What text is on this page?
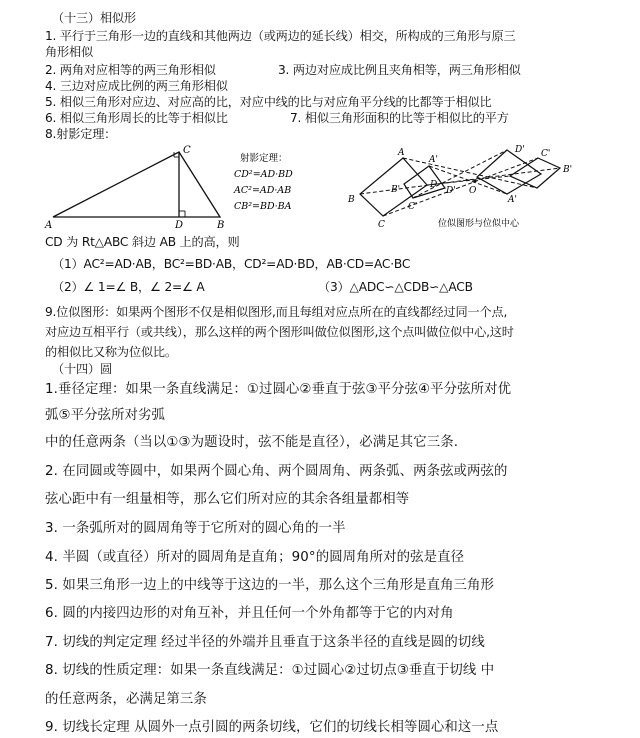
（十三）相似形
1. 平行于三角形一边的直线和其他两边（或两边的延长线）相交，所构成的三角形与原三
角形相似
2. 两角对应相等的两三角形相似	3. 两边对应成比例且夹角相等，两三角形相似
4. 三边对应成比例的两三角形相似
5. 相似三角形对应边、对应高的比，对应中线的比与对应角平分线的比都等于相似比
6. 相似三角形周长的比等于相似比	7. 相似三角形面积的比等于相似比的平方
8.射影定理：
C
A	D	B
射影定理：
CD²=AD·BD
AC²=AD·AB
CB²=BD·BA
A
A'
B
B'
C
C'
D
D' O
A'
B'
C'
D'
位似图形与位似中心
CD 为 Rt△ABC 斜边 AB 上的高，则
（1）AC²=AD·AB，BC²=BD·AB，CD²=AD·BD，AB·CD=AC·BC
（2）∠ 1=∠ B，∠ 2=∠ A	（3）△ADC∽△CDB∽△ACB
9.位似图形：如果两个图形不仅是相似图形,而且每组对应点所在的直线都经过同一个点,
对应边互相平行（或共线），那么这样的两个图形叫做位似图形,这个点叫做位似中心,这时
的相似比又称为位似比。
（十四）圆
1.垂径定理：如果一条直线满足：①过圆心②垂直于弦③平分弦④平分弦所对优
弧⑤平分弦所对劣弧
中的任意两条（当以①③为题设时，弦不能是直径），必满足其它三条.
2. 在同圆或等圆中，如果两个圆心角、两个圆周角、两条弧、两条弦或两弦的
弦心距中有一组量相等，那么它们所对应的其余各组量都相等
3. 一条弧所对的圆周角等于它所对的圆心角的一半
4. 半圆（或直径）所对的圆周角是直角；90°的圆周角所对的弦是直径
5. 如果三角形一边上的中线等于这边的一半，那么这个三角形是直角三角形
6. 圆的内接四边形的对角互补，并且任何一个外角都等于它的内对角
7. 切线的判定定理 经过半径的外端并且垂直于这条半径的直线是圆的切线
8. 切线的性质定理：如果一条直线满足：①过圆心②过切点③垂直于切线 中
的任意两条，必满足第三条
9. 切线长定理 从圆外一点引圆的两条切线，它们的切线长相等圆心和这一点
